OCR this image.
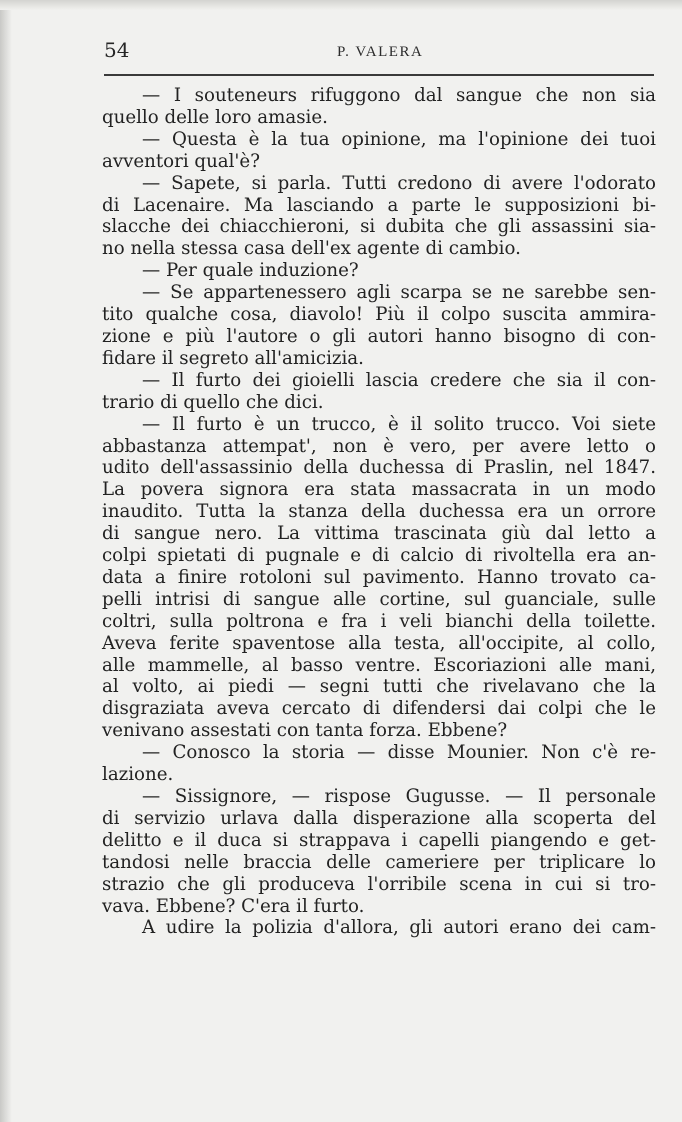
54	P. VALERA
— I souteneurs rifuggono dal sangue che non sia
quello delle loro amasie.
— Questa è la tua opinione, ma l'opinione dei tuoi
avventori qual'è?
— Sapete, si parla. Tutti credono di avere l'odorato
di Lacenaire. Ma lasciando a parte le supposizioni bi-
slacche dei chiacchieroni, si dubita che gli assassini sia-
no nella stessa casa dell'ex agente di cambio.
— Per quale induzione?
— Se appartenessero agli scarpa se ne sarebbe sen-
tito qualche cosa, diavolo! Più il colpo suscita ammira-
zione e più l'autore o gli autori hanno bisogno di con-
fidare il segreto all'amicizia.
— Il furto dei gioielli lascia credere che sia il con-
trario di quello che dici.
— Il furto è un trucco, è il solito trucco. Voi siete
abbastanza attempat', non è vero, per avere letto o
udito dell'assassinio della duchessa di Praslin, nel 1847.
La povera signora era stata massacrata in un modo
inaudito. Tutta la stanza della duchessa era un orrore
di sangue nero. La vittima trascinata giù dal letto a
colpi spietati di pugnale e di calcio di rivoltella era an-
data a finire rotoloni sul pavimento. Hanno trovato ca-
pelli intrisi di sangue alle cortine, sul guanciale, sulle
coltri, sulla poltrona e fra i veli bianchi della toilette.
Aveva ferite spaventose alla testa, all'occipite, al collo,
alle mammelle, al basso ventre. Escoriazioni alle mani,
al volto, ai piedi — segni tutti che rivelavano che la
disgraziata aveva cercato di difendersi dai colpi che le
venivano assestati con tanta forza. Ebbene?
— Conosco la storia — disse Mounier. Non c'è re-
lazione.
— Sissignore, — rispose Gugusse. — Il personale
di servizio urlava dalla disperazione alla scoperta del
delitto e il duca si strappava i capelli piangendo e get-
tandosi nelle braccia delle cameriere per triplicare lo
strazio che gli produceva l'orribile scena in cui si tro-
vava. Ebbene? C'era il furto.
A udire la polizia d'allora, gli autori erano dei cam-
